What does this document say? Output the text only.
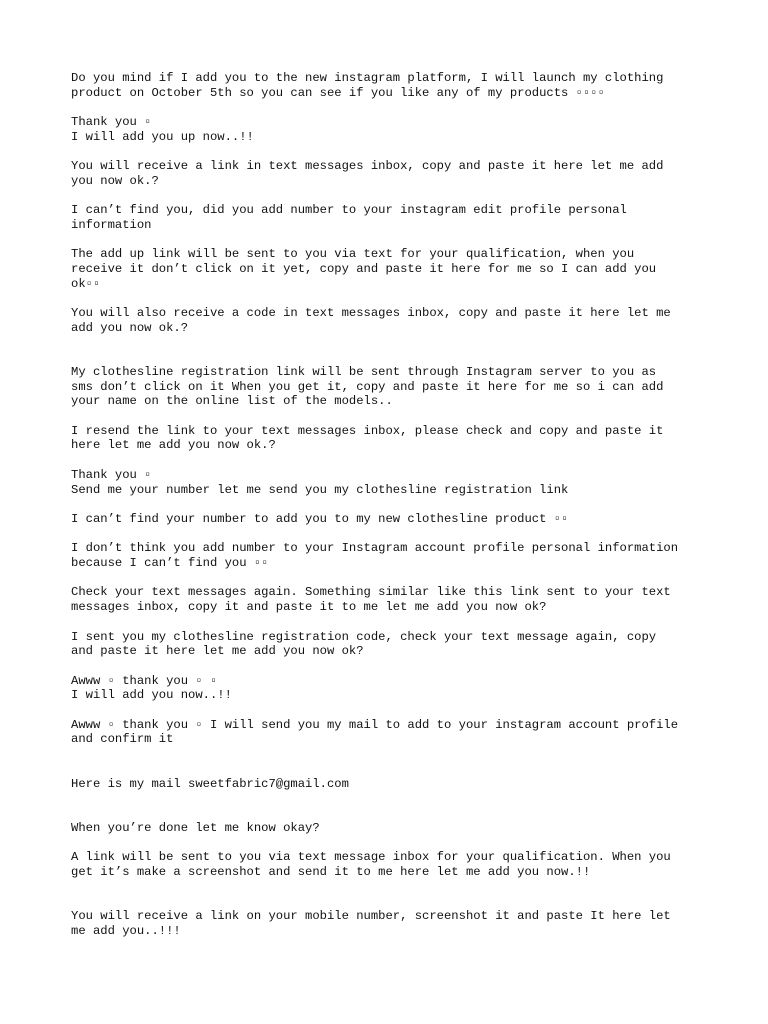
Do you mind if I add you to the new instagram platform, I will launch my clothing
product on October 5th so you can see if you like any of my products ▫▫▫▫
Thank you ▫
I will add you up now..!!
You will receive a link in text messages inbox, copy and paste it here let me add
you now ok.?
I can’t find you, did you add number to your instagram edit profile personal
information
The add up link will be sent to you via text for your qualification, when you
receive it don’t click on it yet, copy and paste it here for me so I can add you
ok▫▫
You will also receive a code in text messages inbox, copy and paste it here let me
add you now ok.?
My clothesline registration link will be sent through Instagram server to you as
sms don’t click on it When you get it, copy and paste it here for me so i can add
your name on the online list of the models..
I resend the link to your text messages inbox, please check and copy and paste it
here let me add you now ok.?
Thank you ▫
Send me your number let me send you my clothesline registration link
I can’t find your number to add you to my new clothesline product ▫▫
I don’t think you add number to your Instagram account profile personal information
because I can’t find you ▫▫
Check your text messages again. Something similar like this link sent to your text
messages inbox, copy it and paste it to me let me add you now ok?
I sent you my clothesline registration code, check your text message again, copy
and paste it here let me add you now ok?
Awww ▫ thank you ▫ ▫
I will add you now..!!
Awww ▫ thank you ▫ I will send you my mail to add to your instagram account profile
and confirm it
Here is my mail sweetfabric7@gmail.com
When you’re done let me know okay?
A link will be sent to you via text message inbox for your qualification. When you
get it’s make a screenshot and send it to me here let me add you now.!!
You will receive a link on your mobile number, screenshot it and paste It here let
me add you..!!!
